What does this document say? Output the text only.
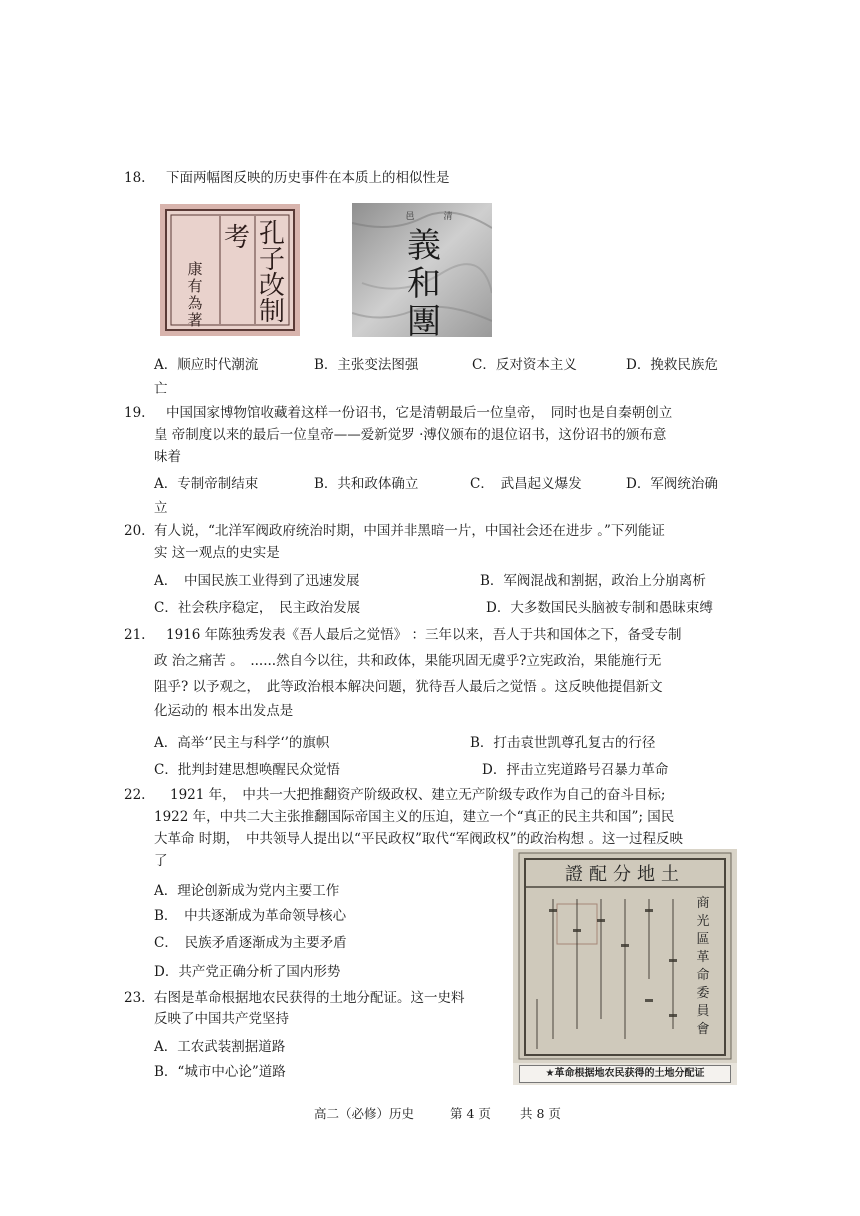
18. 下面两幅图反映的历史事件在本质上的相似性是
孔
子
改
制
考
康
有
為
著
邑	清
義
和
團
A．顺应时代潮流	B．主张变法图强	C．反对资本主义	D．挽救民族危
亡
19. 中国国家博物馆收藏着这样一份诏书，它是清朝最后一位皇帝，　同时也是自秦朝创立
皇 帝制度以来的最后一位皇帝——爱新觉罗 ·溥仪颁布的退位诏书，这份诏书的颁布意
味着
A．专制帝制结束	B．共和政体确立	C．　武昌起义爆发	D．军阀统治确
立
20. 有人说，“北洋军阀政府统治时期，中国并非黑暗一片，中国社会还在进步 。”下列能证
实 这一观点的史实是
A．　中国民族工业得到了迅速发展	B．军阀混战和割据，政治上分崩离析
C．社会秩序稳定，　民主政治发展	D．大多数国民头脑被专制和愚昧束缚
21. 1916 年陈独秀发表《吾人最后之觉悟》 ：三年以来，吾人于共和国体之下，备受专制
政 治之痛苦 。　......然自今以往，共和政体，果能巩固无虞乎?立宪政治，果能施行无
阻乎? 以予观之，　此等政治根本解决问题，犹待吾人最后之觉悟 。这反映他提倡新文
化运动的 根本出发点是
A．高举‘’民主与科学‘’的旗帜	B．打击袁世凯尊孔复古的行径
C．批判封建思想唤醒民众觉悟	D．抨击立宪道路号召暴力革命
22. 1921 年，　中共一大把推翻资产阶级政权、建立无产阶级专政作为自己的奋斗目标;
1922 年，中共二大主张推翻国际帝国主义的压迫，建立一个“真正的民主共和国”; 国民
大革命 时期，　中共领导人提出以“平民政权”取代“军阀政权”的政治构想 。这一过程反映
了
A．理论创新成为党内主要工作
B．　中共逐渐成为革命领导核心
C．　民族矛盾逐渐成为主要矛盾
D．共产党正确分析了国内形势
23. 右图是革命根据地农民获得的土地分配证。这一史料
反映了中国共产党坚持
A．工农武装割据道路
B．“城市中心论”道路
證配分地土
商
光
區
革
命
委
員
會
★革命根据地农民获得的土地分配证
高二（必修）历史	第 4 页 共 8 页
